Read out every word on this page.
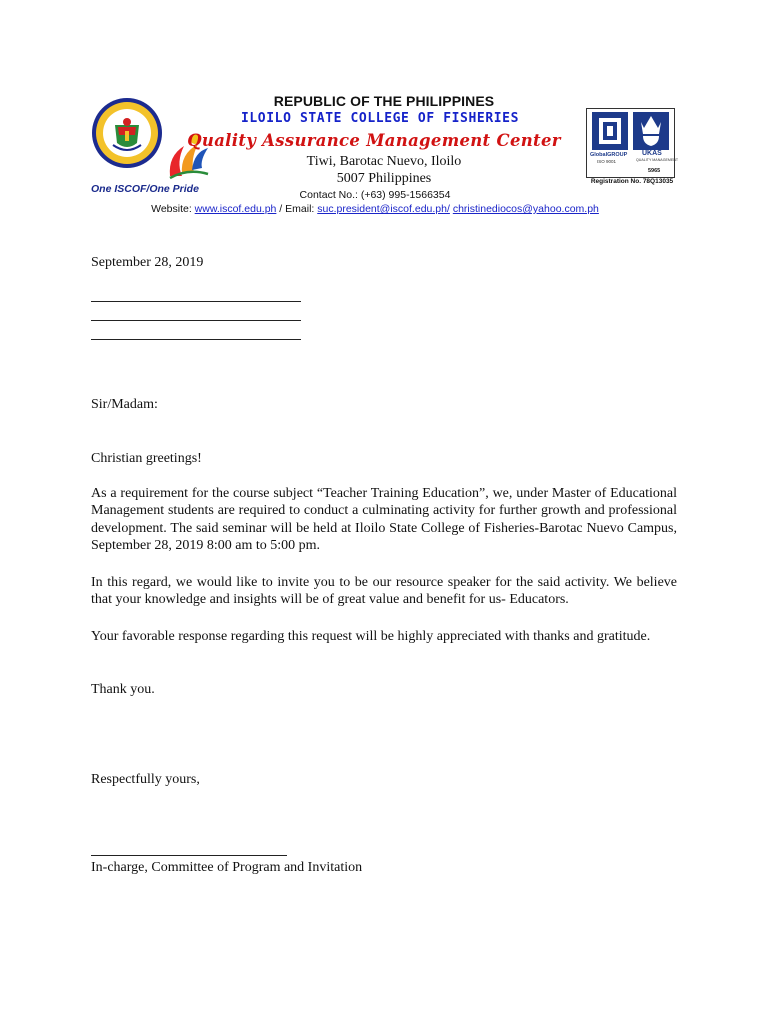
One ISCOF/One Pride
GlobalGROUP
ISO 9001
UKAS
QUALITY MANAGEMENT
5965
Registration No. 78Q13035
REPUBLIC OF THE PHILIPPINES
ILOILO STATE COLLEGE OF FISHERIES
Quality Assurance Management Center
Tiwi, Barotac Nuevo, Iloilo
5007 Philippines
Contact No.: (+63) 995-1566354
Website: www.iscof.edu.ph / Email: suc.president@iscof.edu.ph/ christinediocos@yahoo.com.ph
September 28, 2019
Sir/Madam:
Christian greetings!
As a requirement for the course subject “Teacher Training Education”, we, under Master of Educational Management students are required to conduct a culminating activity for further growth and professional development. The said seminar will be held at Iloilo State College of Fisheries-Barotac Nuevo Campus, September 28, 2019 8:00 am to 5:00 pm.
In this regard, we would like to invite you to be our resource speaker for the said activity. We believe that your knowledge and insights will be of great value and benefit for us- Educators.
Your favorable response regarding this request will be highly appreciated with thanks and gratitude.
Thank you.
Respectfully yours,
In-charge, Committee of Program and Invitation
